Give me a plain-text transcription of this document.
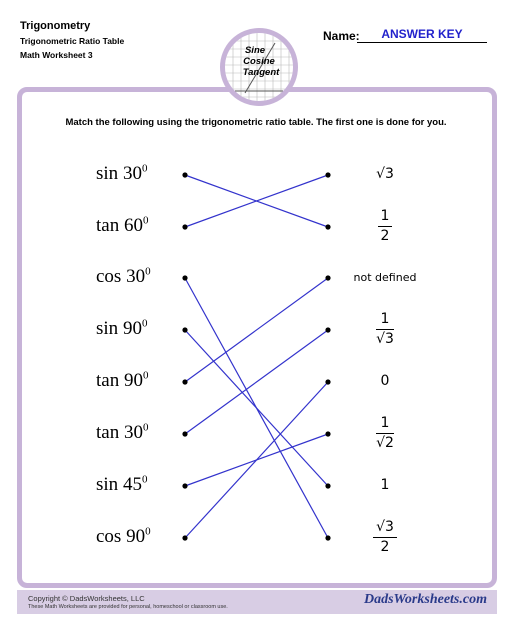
Trigonometry
Trigonometric Ratio Table
Math Worksheet 3
Name:	ANSWER KEY
Sine
Cosine
Tangent
Match the following using the trigonometric ratio table. The first one is done for you.
Copyright © DadsWorksheets, LLC
These Math Worksheets are provided for personal, homeschool or classroom use.	DadsWorksheets.com
$\sin 30^0$
$\tan 60^0$
$\cos 30^0$
$\sin 90^0$
$\tan 90^0$
$\tan 30^0$
$\sin 45^0$
$\cos 90^0$
√3
$\frac{1}{2}$
not defined
$\frac{1}{√3}$
0
$\frac{1}{√2}$
1
$\frac{√3}{2}$
